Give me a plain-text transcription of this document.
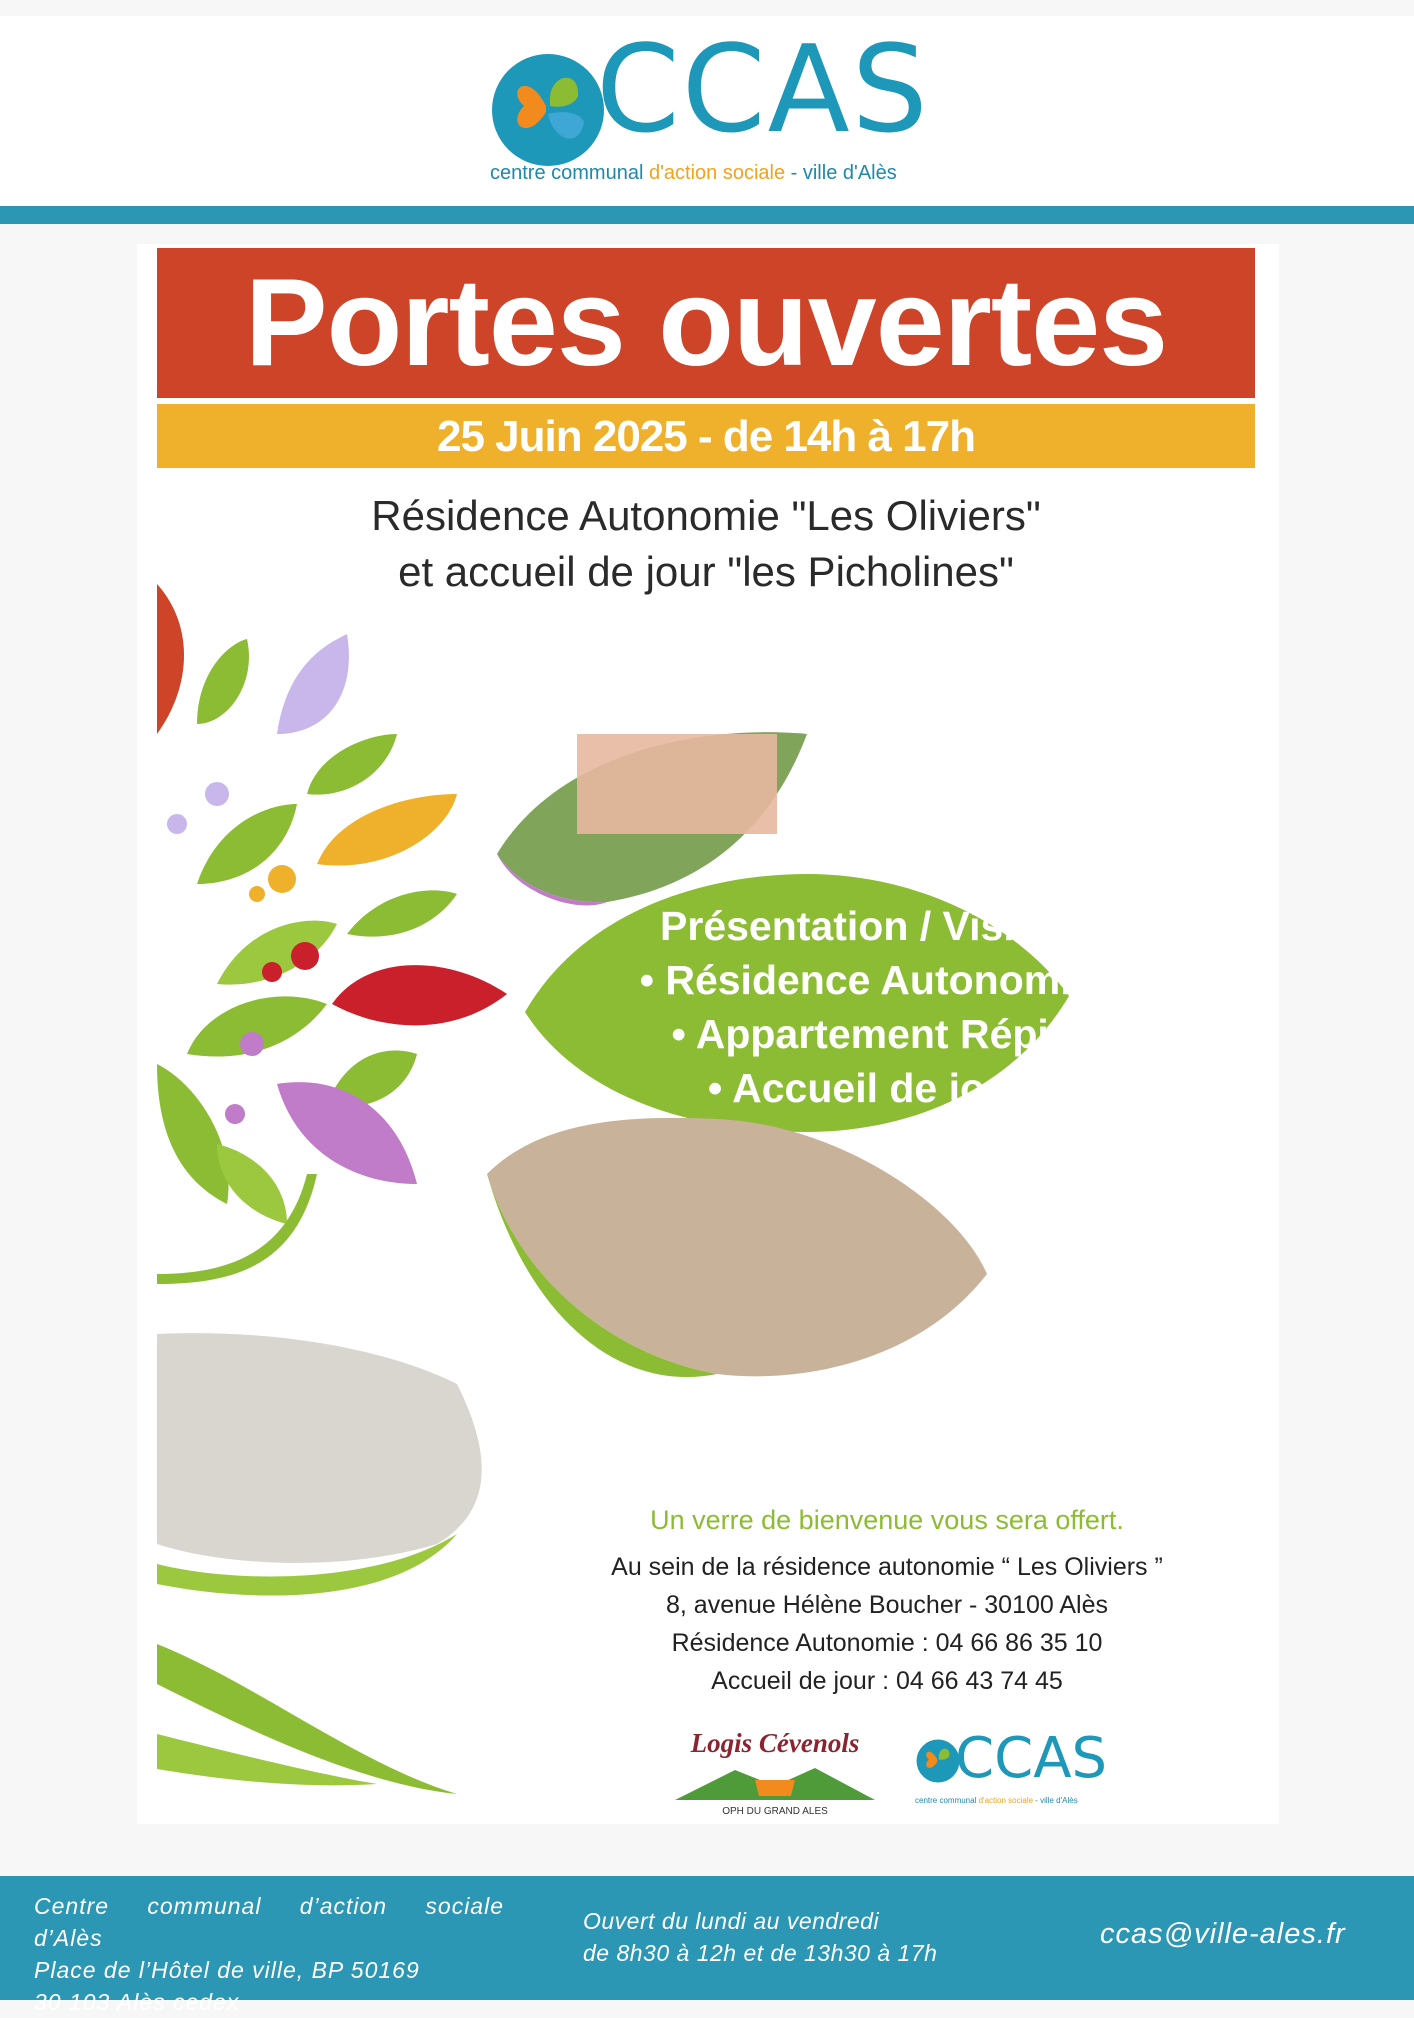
CCAS
centre communal d'action sociale - ville d'Alès
Portes ouvertes
25 Juin 2025 - de 14h à 17h
Résidence Autonomie "Les Oliviers"
et accueil de jour "les Picholines"
Présentation / Visites
• Résidence Autonomie
• Appartement Répit
• Accueil de jour
Un verre de bienvenue vous sera offert.
Au sein de la résidence autonomie “ Les Oliviers ”
8, avenue Hélène Boucher - 30100 Alès
Résidence Autonomie : 04 66 86 35 10
Accueil de jour : 04 66 43 74 45
Logis Cévenols
OPH DU GRAND ALES
CCAS
centre communal d'action sociale - ville d'Alès
Centre communal d’action sociale
d’Alès
Place de l’Hôtel de ville, BP 50169
30 103 Alès cedex
Ouvert du lundi au vendredi
de 8h30 à 12h et de 13h30 à 17h
ccas@ville-ales.fr
